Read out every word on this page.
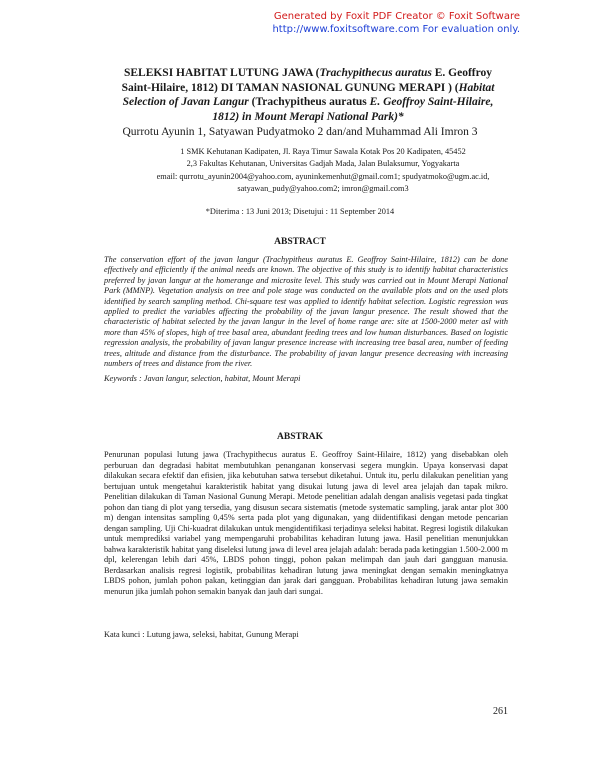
Generated by Foxit PDF Creator © Foxit Software
http://www.foxitsoftware.com For evaluation only.
SELEKSI HABITAT LUTUNG JAWA (Trachypithecus auratus E. Geoffroy Saint-Hilaire, 1812) DI TAMAN NASIONAL GUNUNG MERAPI ) (Habitat Selection of Javan Langur (Trachypitheus auratus E. Geoffroy Saint-Hilaire, 1812) in Mount Merapi National Park)*
Qurrotu Ayunin 1, Satyawan Pudyatmoko 2 dan/and Muhammad Ali Imron 3
1 SMK Kehutanan Kadipaten, Jl. Raya Timur Sawala Kotak Pos 20 Kadipaten, 45452
2,3 Fakultas Kehutanan, Universitas Gadjah Mada, Jalan Bulaksumur, Yogyakarta
email: qurrotu_ayunin2004@yahoo.com, ayuninkemenhut@gmail.com1; spudyatmoko@ugm.ac.id,
satyawan_pudy@yahoo.com2; imron@gmail.com3
*Diterima : 13 Juni 2013; Disetujui : 11 September 2014
ABSTRACT
The conservation effort of the javan langur (Trachypitheus auratus E. Geoffroy Saint-Hilaire, 1812) can be done effectively and efficiently if the animal needs are known. The objective of this study is to identify habitat characteristics preferred by javan langur at the homerange and microsite level. This study was carried out in Mount Merapi National Park (MMNP). Vegetation analysis on tree and pole stage was conducted on the available plots and on the used plots identified by search sampling method. Chi-square test was applied to identify habitat selection. Logistic regression was applied to predict the variables affecting the probability of the javan langur presence. The result showed that the characteristic of habitat selected by the javan langur in the level of home range are: site at 1500-2000 meter asl with more than 45% of slopes, high of tree basal area, abundant feeding trees and low human disturbances. Based on logistic regression analysis, the probability of javan langur presence increase with increasing tree basal area, number of feeding trees, altitude and distance from the disturbance. The probability of javan langur presence decreasing with increasing numbers of trees and distance from the river.
Keywords : Javan langur, selection, habitat, Mount Merapi
ABSTRAK
Penurunan populasi lutung jawa (Trachypithecus auratus E. Geoffroy Saint-Hilaire, 1812) yang disebabkan oleh perburuan dan degradasi habitat membutuhkan penanganan konservasi segera mungkin. Upaya konservasi dapat dilakukan secara efektif dan efisien, jika kebutuhan satwa tersebut diketahui. Untuk itu, perlu dilakukan penelitian yang bertujuan untuk mengetahui karakteristik habitat yang disukai lutung jawa di level area jelajah dan tapak mikro. Penelitian dilakukan di Taman Nasional Gunung Merapi. Metode penelitian adalah dengan analisis vegetasi pada tingkat pohon dan tiang di plot yang tersedia, yang disusun secara sistematis (metode systematic sampling, jarak antar plot 300 m) dengan intensitas sampling 0,45% serta pada plot yang digunakan, yang diidentifikasi dengan metode pencarian dengan sampling. Uji Chi-kuadrat dilakukan untuk mengidentifikasi terjadinya seleksi habitat. Regresi logistik dilakukan untuk memprediksi variabel yang mempengaruhi probabilitas kehadiran lutung jawa. Hasil penelitian menunjukkan bahwa karakteristik habitat yang diseleksi lutung jawa di level area jelajah adalah: berada pada ketinggian 1.500-2.000 m dpl, kelerengan lebih dari 45%, LBDS pohon tinggi, pohon pakan melimpah dan jauh dari gangguan manusia. Berdasarkan analisis regresi logistik, probabilitas kehadiran lutung jawa meningkat dengan semakin meningkatnya LBDS pohon, jumlah pohon pakan, ketinggian dan jarak dari gangguan. Probabilitas kehadiran lutung jawa semakin menurun jika jumlah pohon semakin banyak dan jauh dari sungai.
Kata kunci : Lutung jawa, seleksi, habitat, Gunung Merapi
261
